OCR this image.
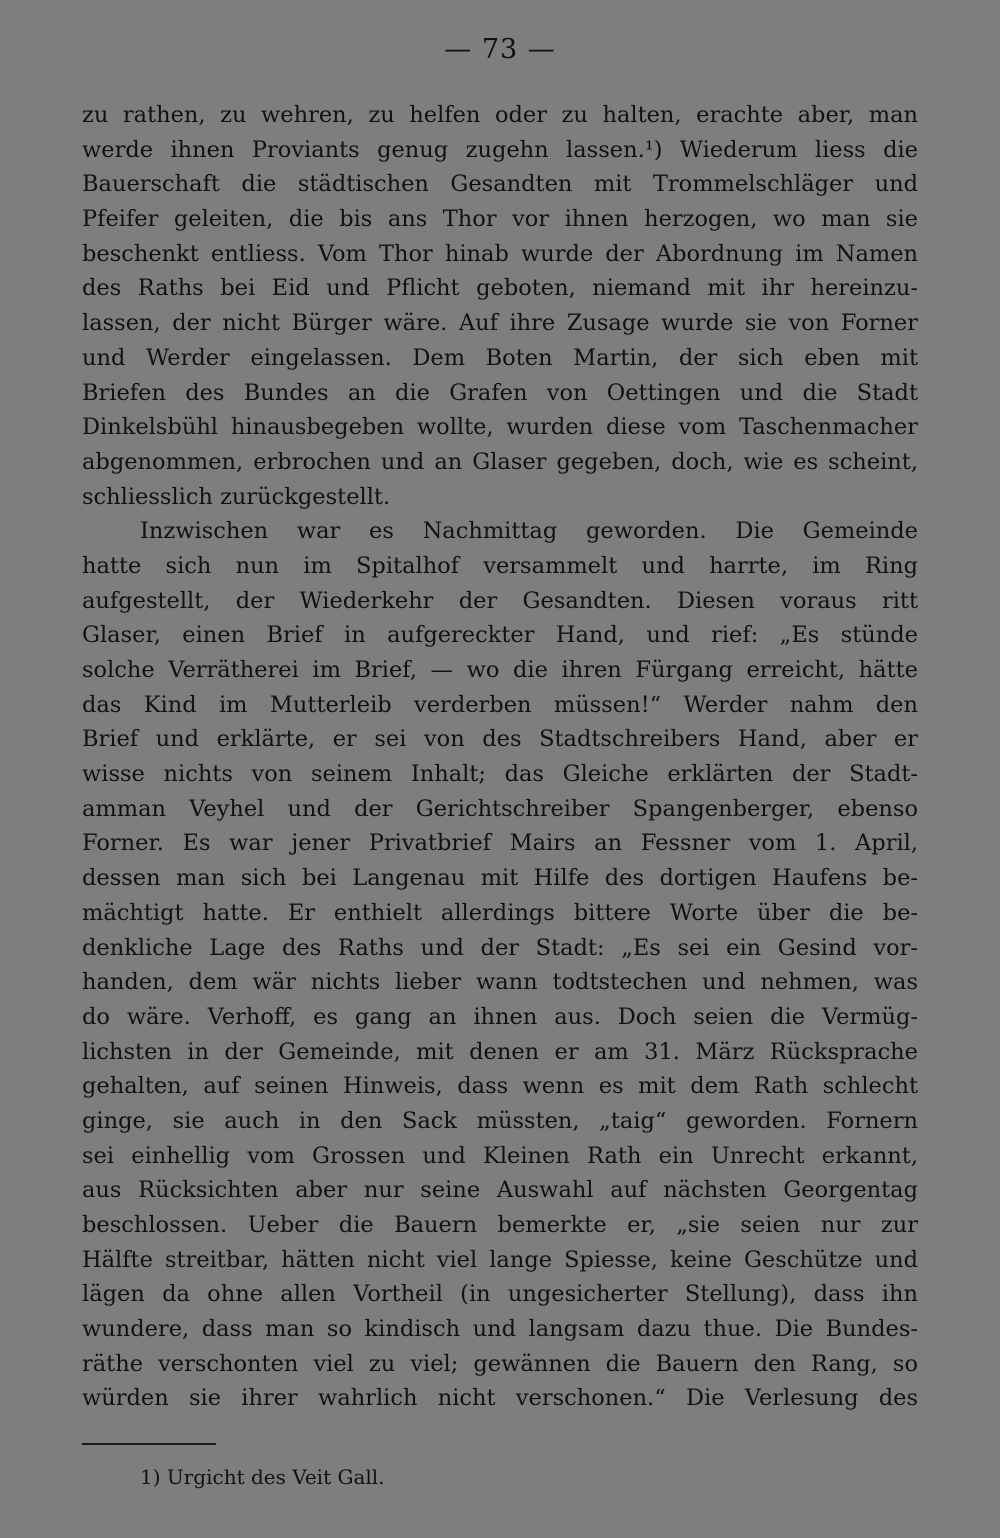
— 73 —
zu rathen, zu wehren, zu helfen oder zu halten, erachte aber, man
werde ihnen Proviants genug zugehn lassen.¹) Wiederum liess die
Bauerschaft die städtischen Gesandten mit Trommelschläger und
Pfeifer geleiten, die bis ans Thor vor ihnen herzogen, wo man sie
beschenkt entliess. Vom Thor hinab wurde der Abordnung im Namen
des Raths bei Eid und Pflicht geboten, niemand mit ihr hereinzu-
lassen, der nicht Bürger wäre. Auf ihre Zusage wurde sie von Forner
und Werder eingelassen. Dem Boten Martin, der sich eben mit
Briefen des Bundes an die Grafen von Oettingen und die Stadt
Dinkelsbühl hinausbegeben wollte, wurden diese vom Taschenmacher
abgenommen, erbrochen und an Glaser gegeben, doch, wie es scheint,
schliesslich zurückgestellt.
Inzwischen war es Nachmittag geworden. Die Gemeinde
hatte sich nun im Spitalhof versammelt und harrte, im Ring
aufgestellt, der Wiederkehr der Gesandten. Diesen voraus ritt
Glaser, einen Brief in aufgereckter Hand, und rief: „Es stünde
solche Verrätherei im Brief, — wo die ihren Fürgang erreicht, hätte
das Kind im Mutterleib verderben müssen!“ Werder nahm den
Brief und erklärte, er sei von des Stadtschreibers Hand, aber er
wisse nichts von seinem Inhalt; das Gleiche erklärten der Stadt-
amman Veyhel und der Gerichtschreiber Spangenberger, ebenso
Forner. Es war jener Privatbrief Mairs an Fessner vom 1. April,
dessen man sich bei Langenau mit Hilfe des dortigen Haufens be-
mächtigt hatte. Er enthielt allerdings bittere Worte über die be-
denkliche Lage des Raths und der Stadt: „Es sei ein Gesind vor-
handen, dem wär nichts lieber wann todtstechen und nehmen, was
do wäre. Verhoff, es gang an ihnen aus. Doch seien die Vermüg-
lichsten in der Gemeinde, mit denen er am 31. März Rücksprache
gehalten, auf seinen Hinweis, dass wenn es mit dem Rath schlecht
ginge, sie auch in den Sack müssten, „taig“ geworden. Fornern
sei einhellig vom Grossen und Kleinen Rath ein Unrecht erkannt,
aus Rücksichten aber nur seine Auswahl auf nächsten Georgentag
beschlossen. Ueber die Bauern bemerkte er, „sie seien nur zur
Hälfte streitbar, hätten nicht viel lange Spiesse, keine Geschütze und
lägen da ohne allen Vortheil (in ungesicherter Stellung), dass ihn
wundere, dass man so kindisch und langsam dazu thue. Die Bundes-
räthe verschonten viel zu viel; gewännen die Bauern den Rang, so
würden sie ihrer wahrlich nicht verschonen.“ Die Verlesung des
1) Urgicht des Veit Gall.
